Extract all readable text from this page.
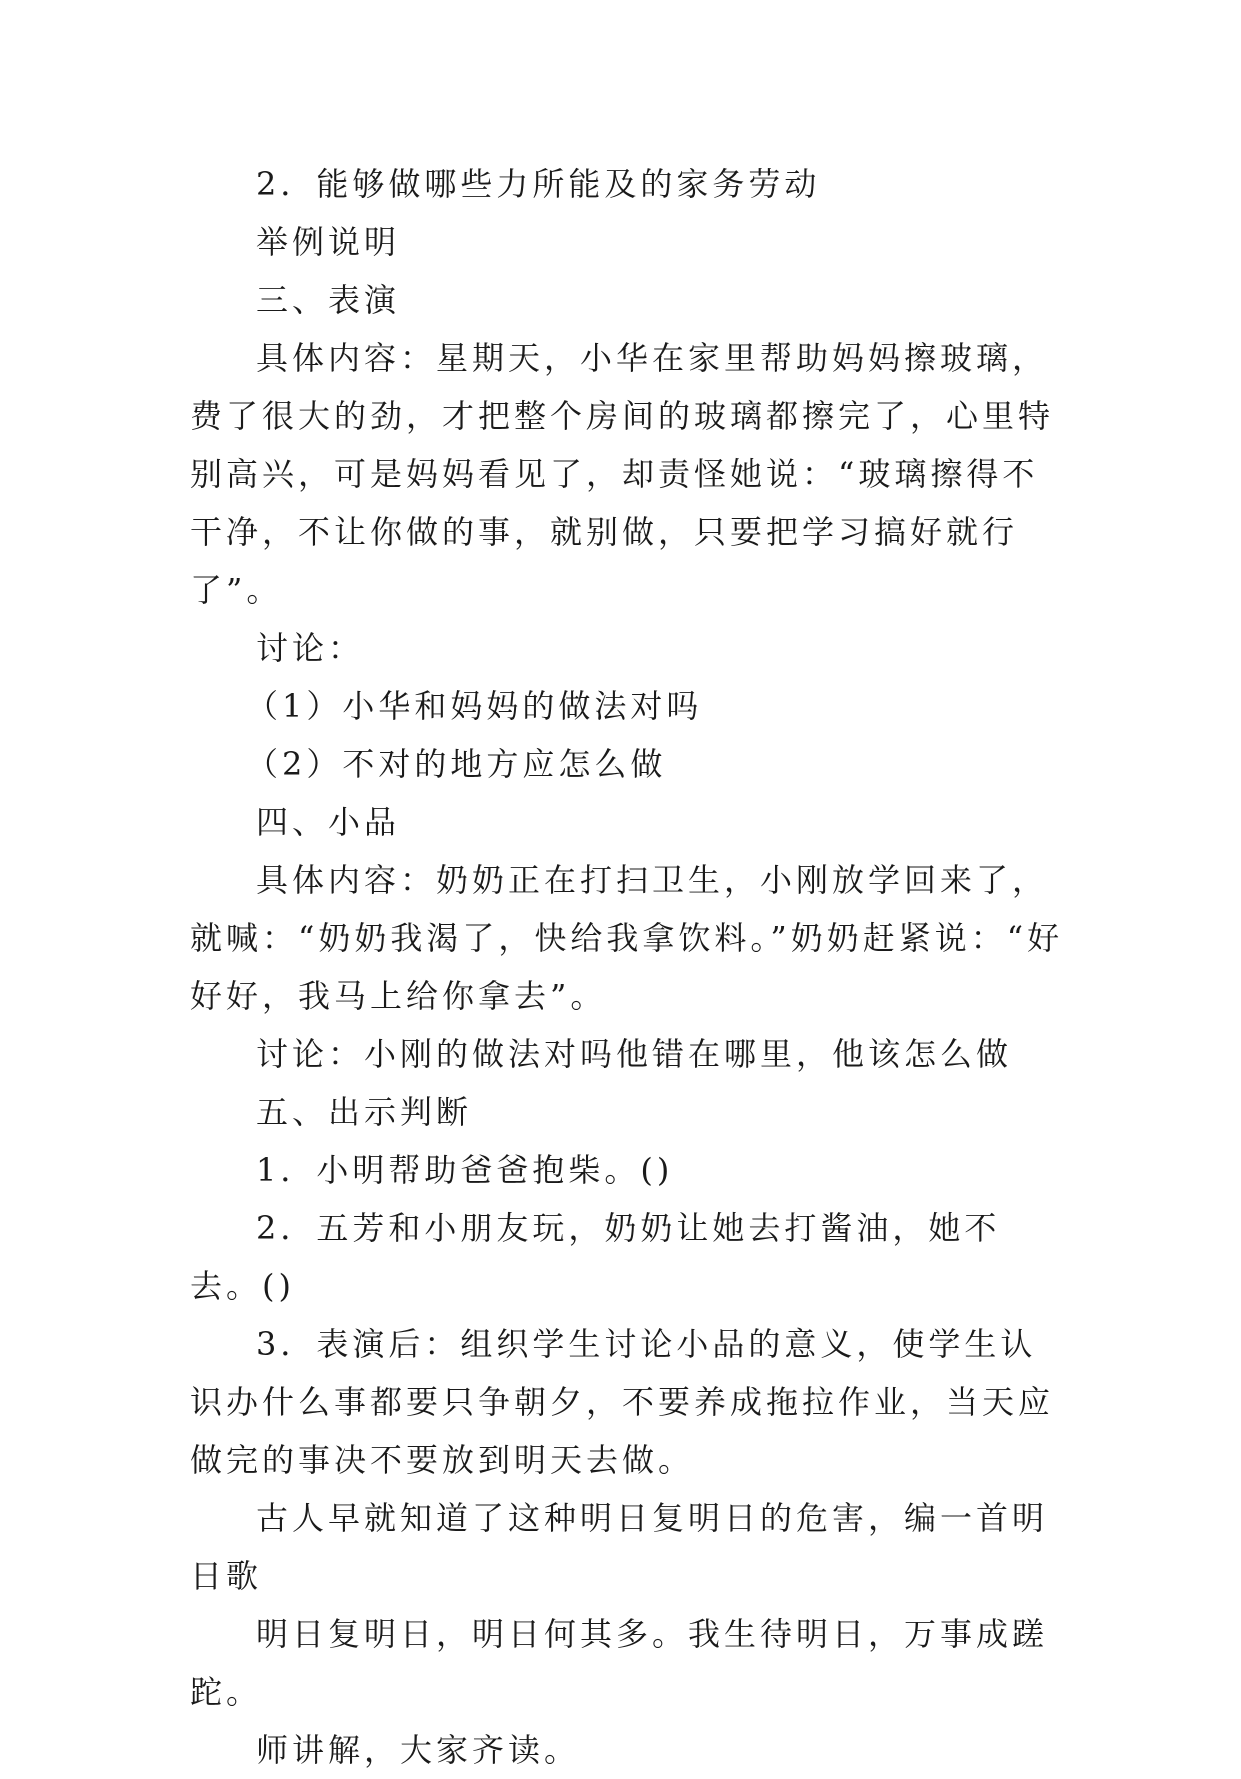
2．能够做哪些力所能及的家务劳动

举例说明

三、表演

具体内容：星期天，小华在家里帮助妈妈擦玻璃，费了很大的劲，才把整个房间的玻璃都擦完了，心里特别高兴，可是妈妈看见了，却责怪她说：“玻璃擦得不干净，不让你做的事，就别做，只要把学习搞好就行了”。

讨论：

（1）小华和妈妈的做法对吗

（2）不对的地方应怎么做

四、小品

具体内容：奶奶正在打扫卫生，小刚放学回来了，就喊：“奶奶我渴了，快给我拿饮料。”奶奶赶紧说：“好好好，我马上给你拿去”。

讨论：小刚的做法对吗他错在哪里，他该怎么做

五、出示判断

1．小明帮助爸爸抱柴。()

2．五芳和小朋友玩，奶奶让她去打酱油，她不去。()

3．表演后：组织学生讨论小品的意义，使学生认识办什么事都要只争朝夕，不要养成拖拉作业，当天应做完的事决不要放到明天去做。

古人早就知道了这种明日复明日的危害，编一首明日歌

明日复明日，明日何其多。我生待明日，万事成蹉跎。

师讲解，大家齐读。
